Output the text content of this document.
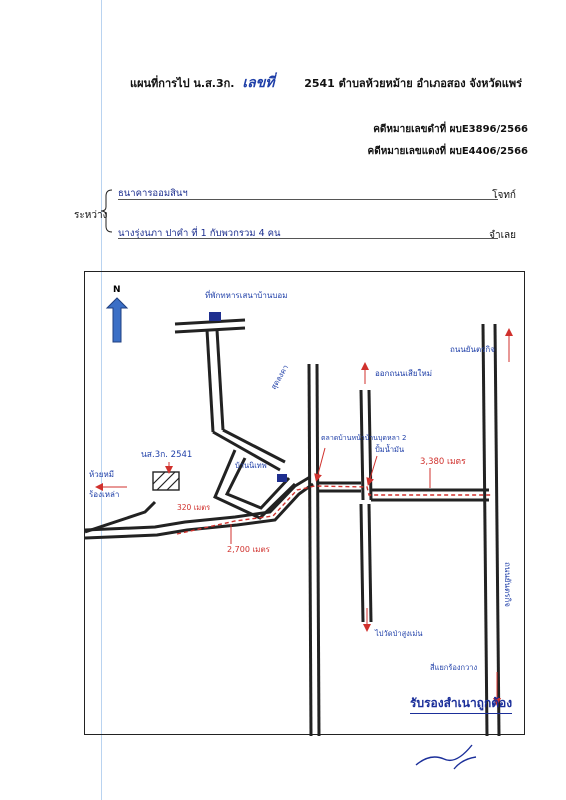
แผนที่การไป น.ส.3ก. เลขที่	2541 ตำบลห้วยหม้าย อำเภอสอง จังหวัดแพร่
คดีหมายเลขดำที่ ผบE3896/2566
คดีหมายเลขแดงที่ ผบE4406/2566
ระหว่าง
ธนาคารออมสินฯ	โจทก์
นางรุ่งนภา ปาคำ ที่ 1 กับพวกรวม 4 คน	จำเลย
N
ที่พักทหารเสนาบ้านบอม
นส.3ก. 2541
บ้านนิเทพ
ห้วยหมี
ร้องเหล่า
320 เมตร
2,700 เมตร
3,380 เมตร
สุดลงคา
ตลาดบ้านหน้าบ้านบุดหลา 2
ปั้มน้ำมัน
ออกถนนเสียใหม่
ถนนยันตรกิจ
ถนนยันตรกิจ
ไปวัดป่าสูงเม่น
สี่แยกร้องกวาง
รับรองสำเนาถูกต้อง
